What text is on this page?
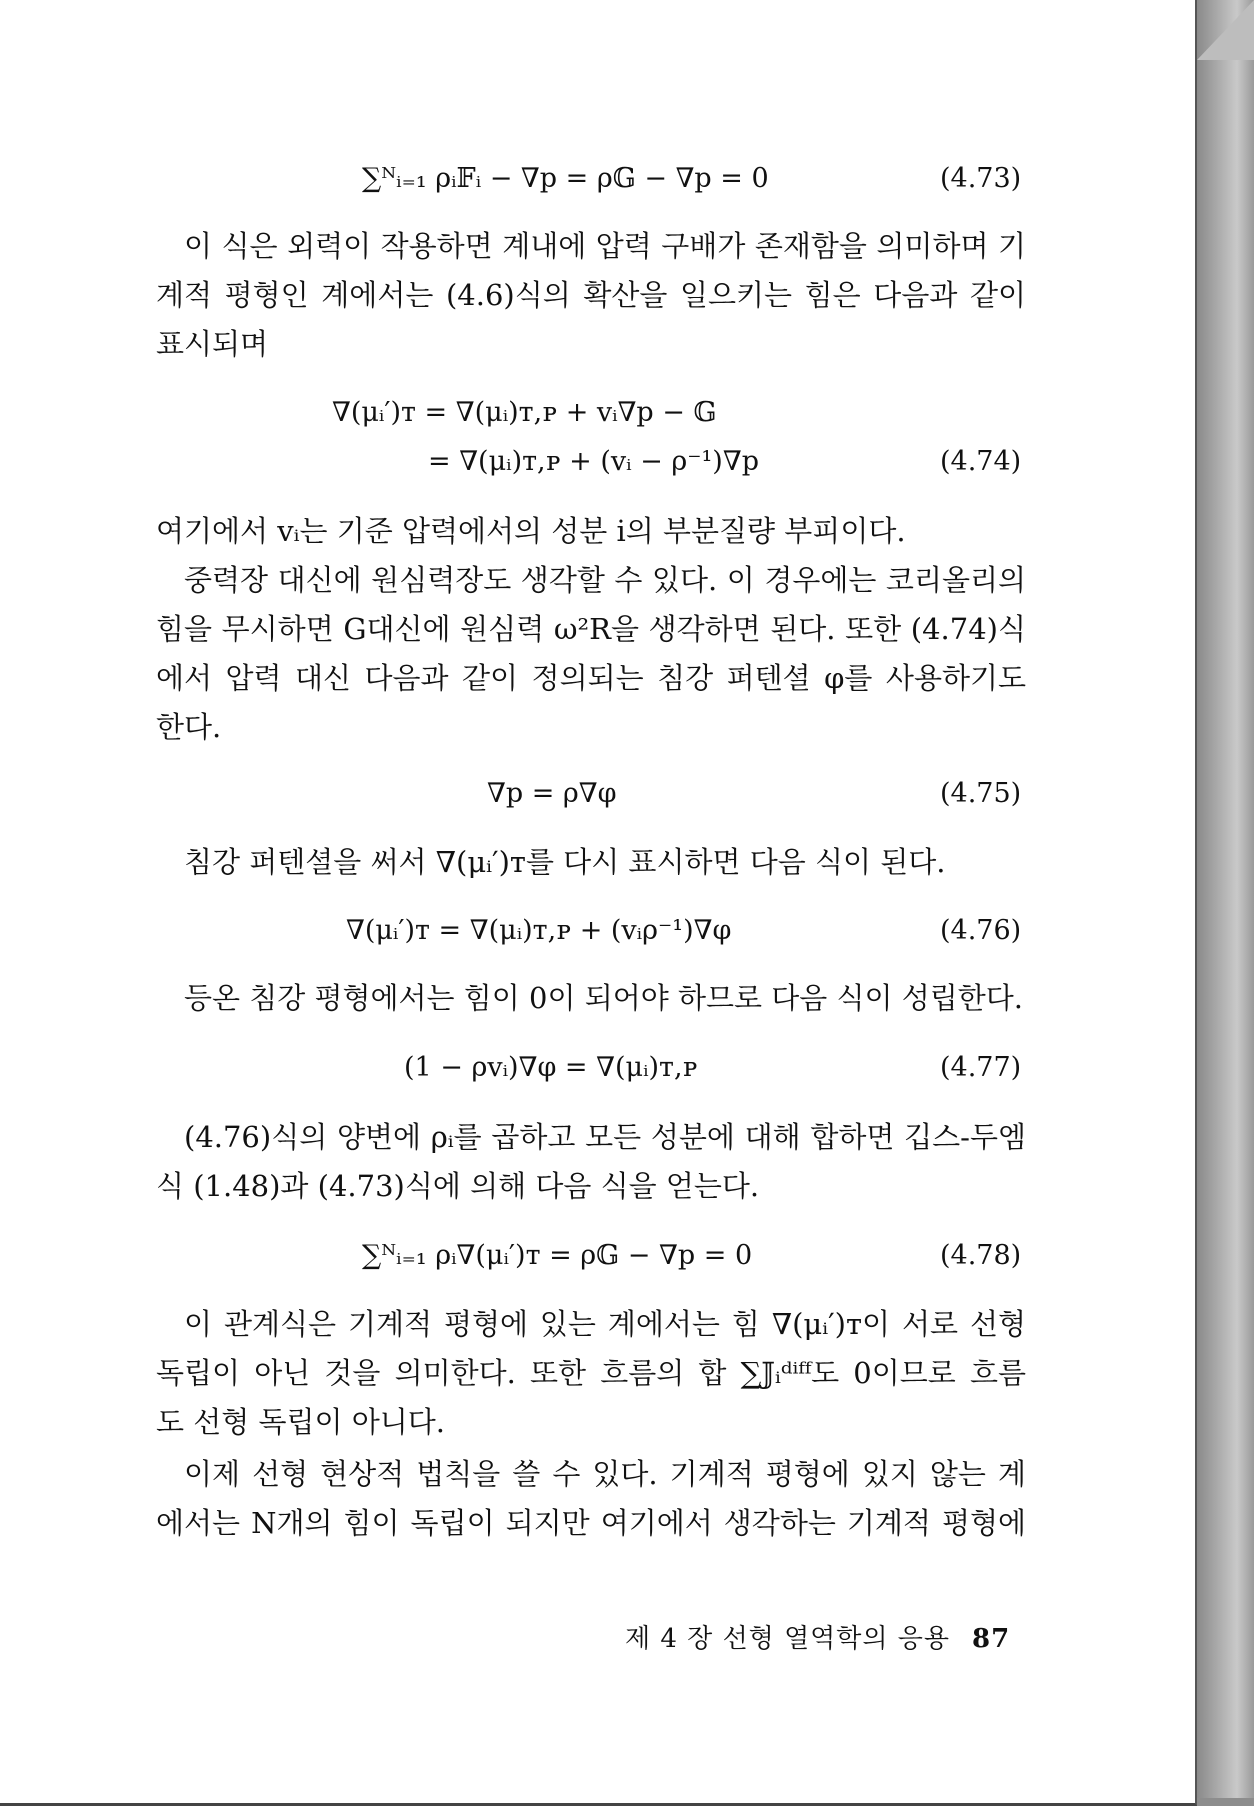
∑ᴺᵢ₌₁ ρᵢ𝔽ᵢ − ∇p = ρ𝔾 − ∇p = 0	(4.73)
이 식은 외력이 작용하면 계내에 압력 구배가 존재함을 의미하며 기
계적 평형인 계에서는 (4.6)식의 확산을 일으키는 힘은 다음과 같이
표시되며
∇(μᵢ′)ᴛ = ∇(μᵢ)ᴛ,ᴘ + vᵢ∇p − 𝔾
= ∇(μᵢ)ᴛ,ᴘ + (vᵢ − ρ⁻¹)∇p	(4.74)
여기에서 vᵢ는 기준 압력에서의 성분 i의 부분질량 부피이다.
중력장 대신에 원심력장도 생각할 수 있다. 이 경우에는 코리올리의
힘을 무시하면 G대신에 원심력 ω²R을 생각하면 된다. 또한 (4.74)식
에서 압력 대신 다음과 같이 정의되는 침강 퍼텐셜 φ를 사용하기도
한다.
∇p = ρ∇φ	(4.75)
침강 퍼텐셜을 써서 ∇(μᵢ′)ᴛ를 다시 표시하면 다음 식이 된다.
∇(μᵢ′)ᴛ = ∇(μᵢ)ᴛ,ᴘ + (vᵢρ⁻¹)∇φ	(4.76)
등온 침강 평형에서는 힘이 0이 되어야 하므로 다음 식이 성립한다.
(1 − ρvᵢ)∇φ = ∇(μᵢ)ᴛ,ᴘ	(4.77)
(4.76)식의 양변에 ρᵢ를 곱하고 모든 성분에 대해 합하면 깁스-두엠
식 (1.48)과 (4.73)식에 의해 다음 식을 얻는다.
∑ᴺᵢ₌₁ ρᵢ∇(μᵢ′)ᴛ = ρ𝔾 − ∇p = 0	(4.78)
이 관계식은 기계적 평형에 있는 계에서는 힘 ∇(μᵢ′)ᴛ이 서로 선형
독립이 아닌 것을 의미한다. 또한 흐름의 합 ∑𝕁ᵢᵈⁱᶠᶠ도 0이므로 흐름
도 선형 독립이 아니다.
이제 선형 현상적 법칙을 쓸 수 있다. 기계적 평형에 있지 않는 계
에서는 N개의 힘이 독립이 되지만 여기에서 생각하는 기계적 평형에
제 4 장 선형 열역학의 응용 87
